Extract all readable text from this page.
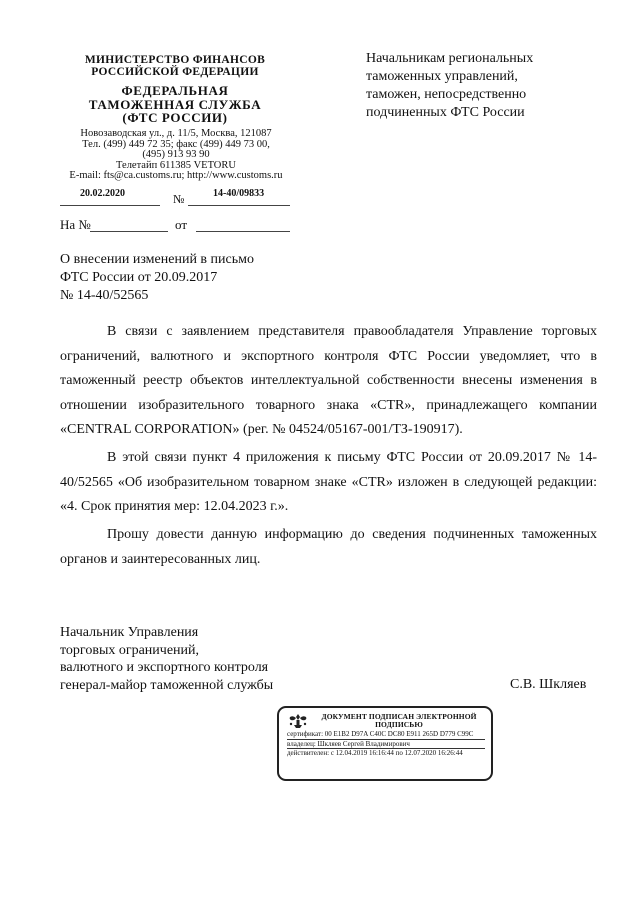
МИНИСТЕРСТВО ФИНАНСОВ
РОССИЙСКОЙ ФЕДЕРАЦИИ
ФЕДЕРАЛЬНАЯ
ТАМОЖЕННАЯ СЛУЖБА
(ФТС РОССИИ)
Новозаводская ул., д. 11/5, Москва, 121087
Тел. (499) 449 72 35; факс (499) 449 73 00,
(495) 913 93 90
Телетайп 611385 VETORU
E-mail: fts@ca.customs.ru; http://www.customs.ru
20.02.2020	№	14-40/09833
На №	от
Начальникам региональных
таможенных управлений,
таможен, непосредственно
подчиненных ФТС России
О внесении изменений в письмо
ФТС России от 20.09.2017
№ 14-40/52565

В связи с заявлением представителя правообладателя Управление торговых ограничений, валютного и экспортного контроля ФТС России уведомляет, что в таможенный реестр объектов интеллектуальной собственности внесены изменения в отношении изобразительного товарного знака «CTR», принадлежащего компании «CENTRAL CORPORATION» (рег. № 04524/05167-001/ТЗ-190917).

В этой связи пункт 4 приложения к письму ФТС России от 20.09.2017 № 14-40/52565 «Об изобразительном товарном знаке «CTR» изложен в следующей редакции: «4. Срок принятия мер: 12.04.2023 г.».

Прошу довести данную информацию до сведения подчиненных таможенных органов и заинтересованных лиц.

Начальник Управления
торговых ограничений,
валютного и экспортного контроля
генерал-майор таможенной службы	С.В. Шкляев
ДОКУМЕНТ ПОДПИСАН ЭЛЕКТРОННОЙ ПОДПИСЬЮ
сертификат: 00 E1B2 D97A C40C DC80 E911 265D D779 C99C
владелец: Шкляев Сергей Владимирович
действителен: с 12.04.2019 16:16:44 по 12.07.2020 16:26:44
